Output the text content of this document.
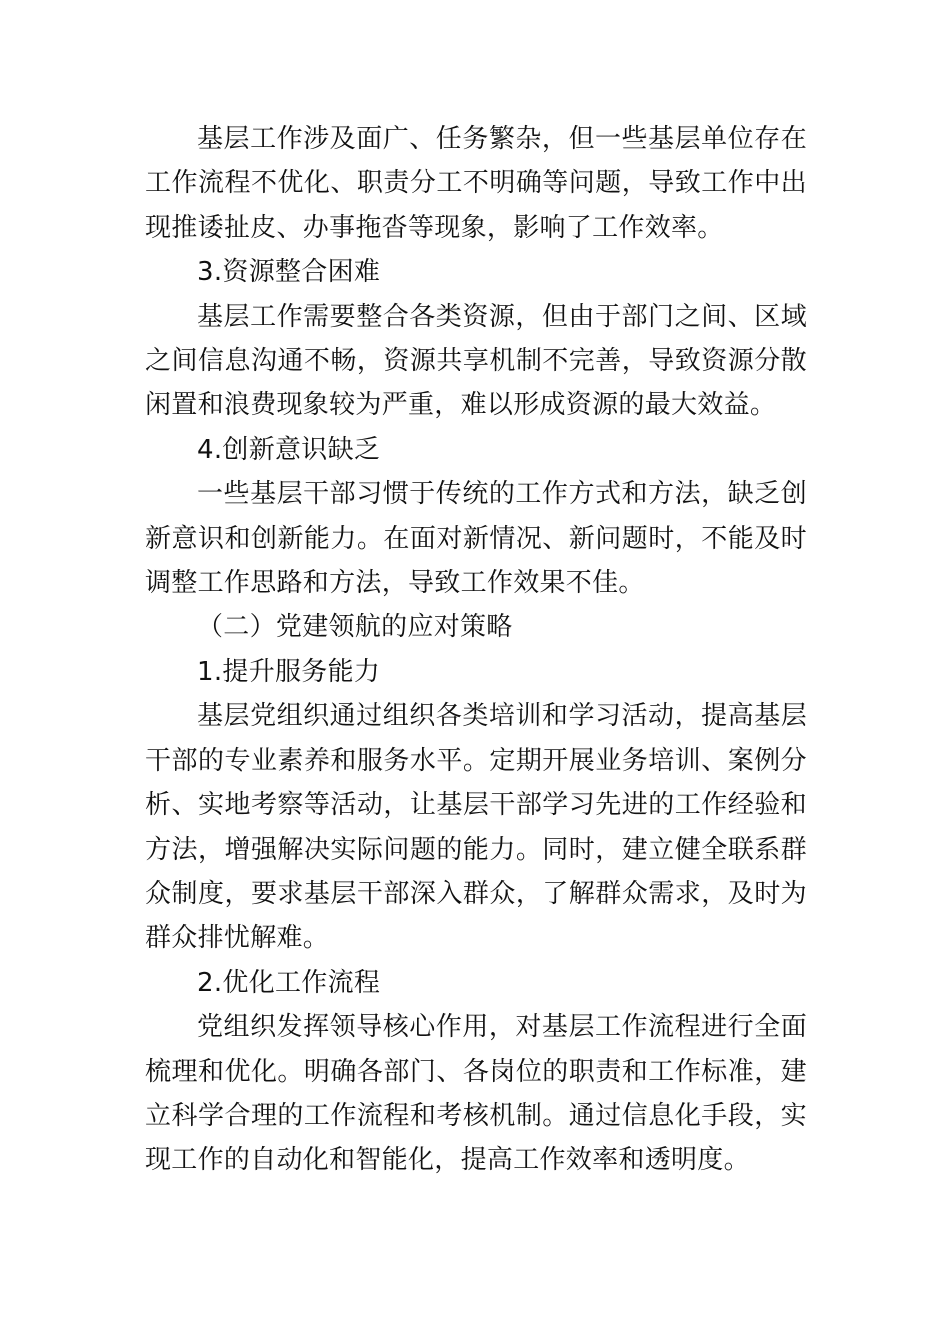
基层工作涉及面广、任务繁杂，但一些基层单位存在工作流程不优化、职责分工不明确等问题，导致工作中出现推诿扯皮、办事拖沓等现象，影响了工作效率。

3.资源整合困难

基层工作需要整合各类资源，但由于部门之间、区域之间信息沟通不畅，资源共享机制不完善，导致资源分散闲置和浪费现象较为严重，难以形成资源的最大效益。

4.创新意识缺乏

一些基层干部习惯于传统的工作方式和方法，缺乏创新意识和创新能力。在面对新情况、新问题时，不能及时调整工作思路和方法，导致工作效果不佳。

（二）党建领航的应对策略

1.提升服务能力

基层党组织通过组织各类培训和学习活动，提高基层干部的专业素养和服务水平。定期开展业务培训、案例分析、实地考察等活动，让基层干部学习先进的工作经验和方法，增强解决实际问题的能力。同时，建立健全联系群众制度，要求基层干部深入群众，了解群众需求，及时为群众排忧解难。

2.优化工作流程

党组织发挥领导核心作用，对基层工作流程进行全面梳理和优化。明确各部门、各岗位的职责和工作标准，建立科学合理的工作流程和考核机制。通过信息化手段，实现工作的自动化和智能化，提高工作效率和透明度。
